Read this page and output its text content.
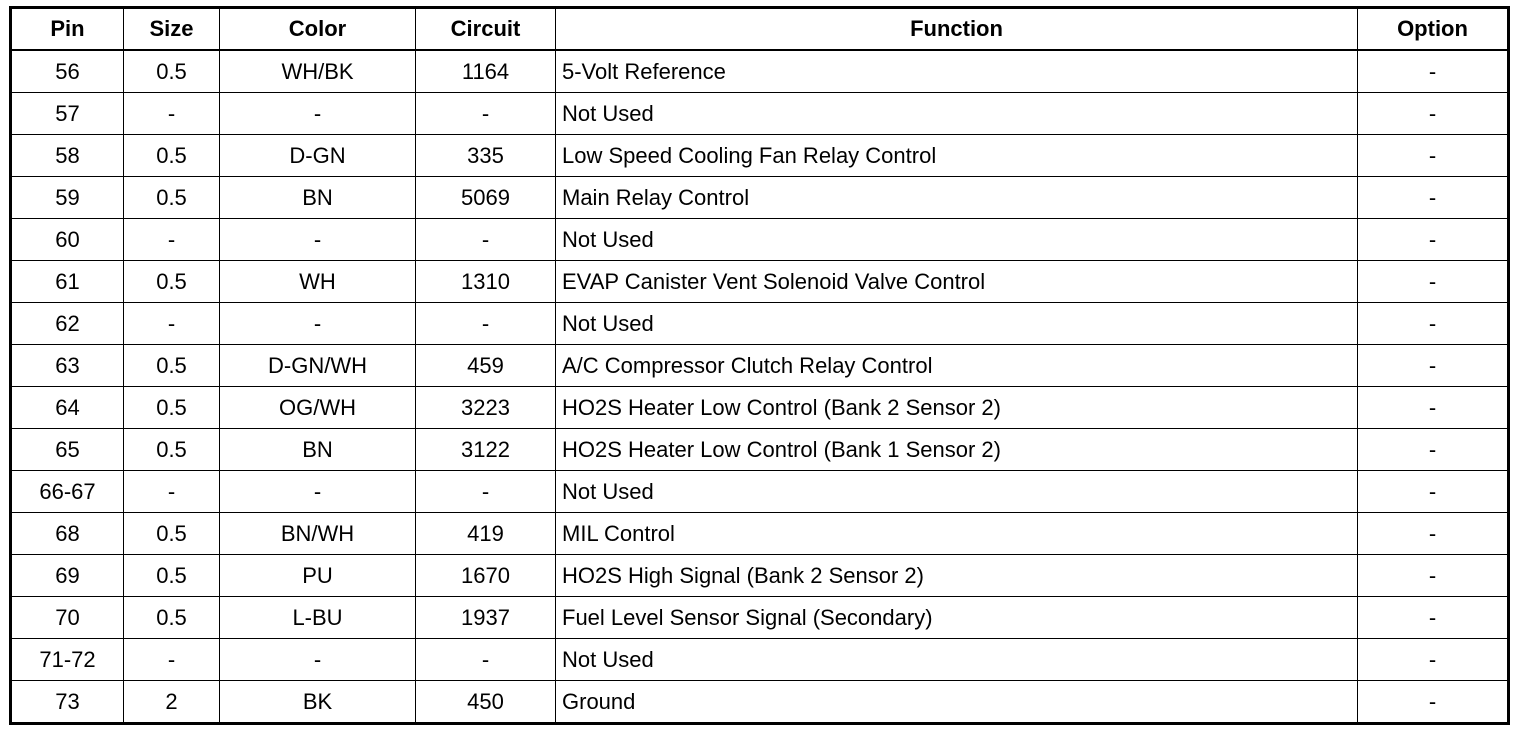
Pin	Size	Color	Circuit	Function	Option
56	0.5	WH/BK	1164	5-Volt Reference	-
57	-	-	-	Not Used	-
58	0.5	D-GN	335	Low Speed Cooling Fan Relay Control	-
59	0.5	BN	5069	Main Relay Control	-
60	-	-	-	Not Used	-
61	0.5	WH	1310	EVAP Canister Vent Solenoid Valve Control	-
62	-	-	-	Not Used	-
63	0.5	D-GN/WH	459	A/C Compressor Clutch Relay Control	-
64	0.5	OG/WH	3223	HO2S Heater Low Control (Bank 2 Sensor 2)	-
65	0.5	BN	3122	HO2S Heater Low Control (Bank 1 Sensor 2)	-
66-67	-	-	-	Not Used	-
68	0.5	BN/WH	419	MIL Control	-
69	0.5	PU	1670	HO2S High Signal (Bank 2 Sensor 2)	-
70	0.5	L-BU	1937	Fuel Level Sensor Signal (Secondary)	-
71-72	-	-	-	Not Used	-
73	2	BK	450	Ground	-
